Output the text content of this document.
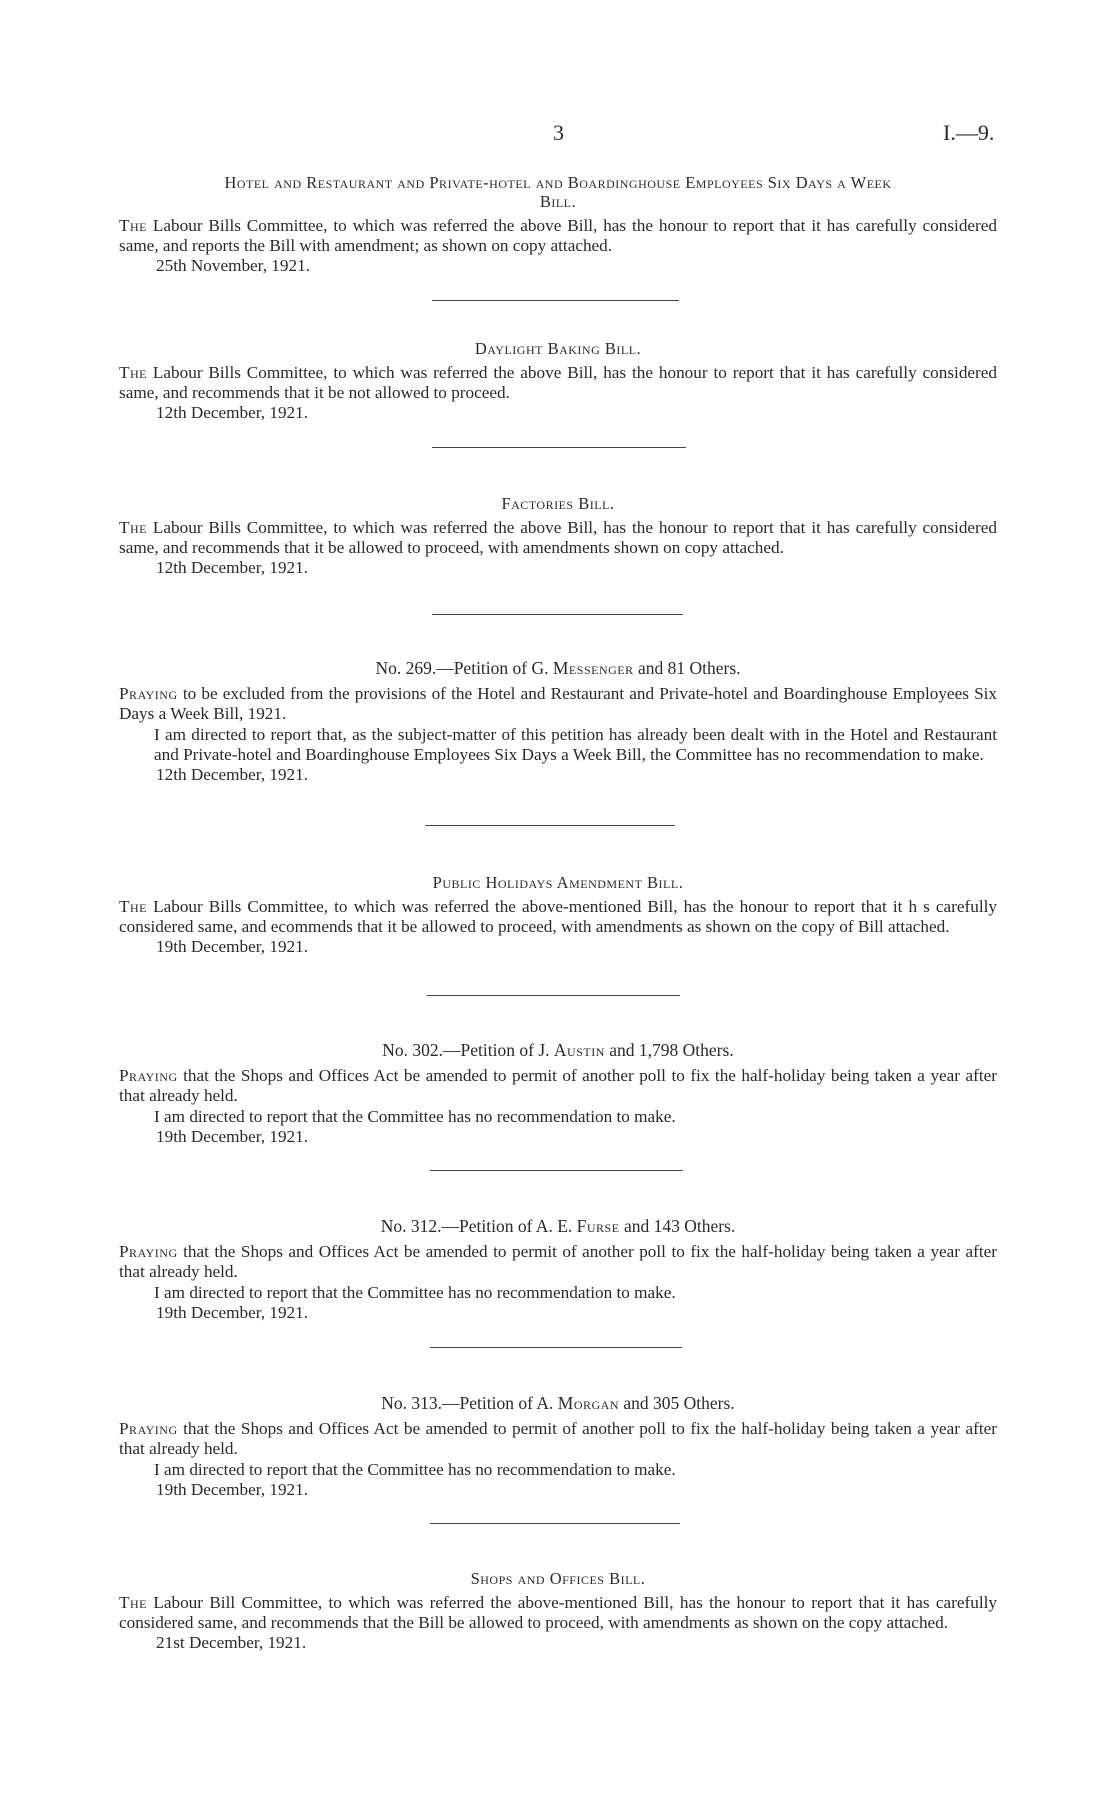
3	I.—9.
Hotel and Restaurant and Private-hotel and Boardinghouse Employees Six Days a Week
Bill.

The Labour Bills Committee, to which was referred the above Bill, has the honour to report that it has carefully considered same, and reports the Bill with amendment; as shown on copy attached.

25th November, 1921.

Daylight Baking Bill.

The Labour Bills Committee, to which was referred the above Bill, has the honour to report that it has carefully considered same, and recommends that it be not allowed to proceed.

12th December, 1921.

Factories Bill.

The Labour Bills Committee, to which was referred the above Bill, has the honour to report that it has carefully considered same, and recommends that it be allowed to proceed, with amendments shown on copy attached.

12th December, 1921.

No. 269.—Petition of G. Messenger and 81 Others.

Praying to be excluded from the provisions of the Hotel and Restaurant and Private-hotel and Boardinghouse Employees Six Days a Week Bill, 1921.

I am directed to report that, as the subject-matter of this petition has already been dealt with in the Hotel and Restaurant and Private-hotel and Boardinghouse Employees Six Days a Week Bill, the Committee has no recommendation to make.

12th December, 1921.

Public Holidays Amendment Bill.

The Labour Bills Committee, to which was referred the above-mentioned Bill, has the honour to report that it h s carefully considered same, and ecommends that it be allowed to proceed, with amendments as shown on the copy of Bill attached.

19th December, 1921.

No. 302.—Petition of J. Austin and 1,798 Others.

Praying that the Shops and Offices Act be amended to permit of another poll to fix the half-holiday being taken a year after that already held.

I am directed to report that the Committee has no recommendation to make.

19th December, 1921.

No. 312.—Petition of A. E. Furse and 143 Others.

Praying that the Shops and Offices Act be amended to permit of another poll to fix the half-holiday being taken a year after that already held.

I am directed to report that the Committee has no recommendation to make.

19th December, 1921.

No. 313.—Petition of A. Morgan and 305 Others.

Praying that the Shops and Offices Act be amended to permit of another poll to fix the half-holiday being taken a year after that already held.

I am directed to report that the Committee has no recommendation to make.

19th December, 1921.

Shops and Offices Bill.

The Labour Bill Committee, to which was referred the above-mentioned Bill, has the honour to report that it has carefully considered same, and recommends that the Bill be allowed to proceed, with amendments as shown on the copy attached.

21st December, 1921.
